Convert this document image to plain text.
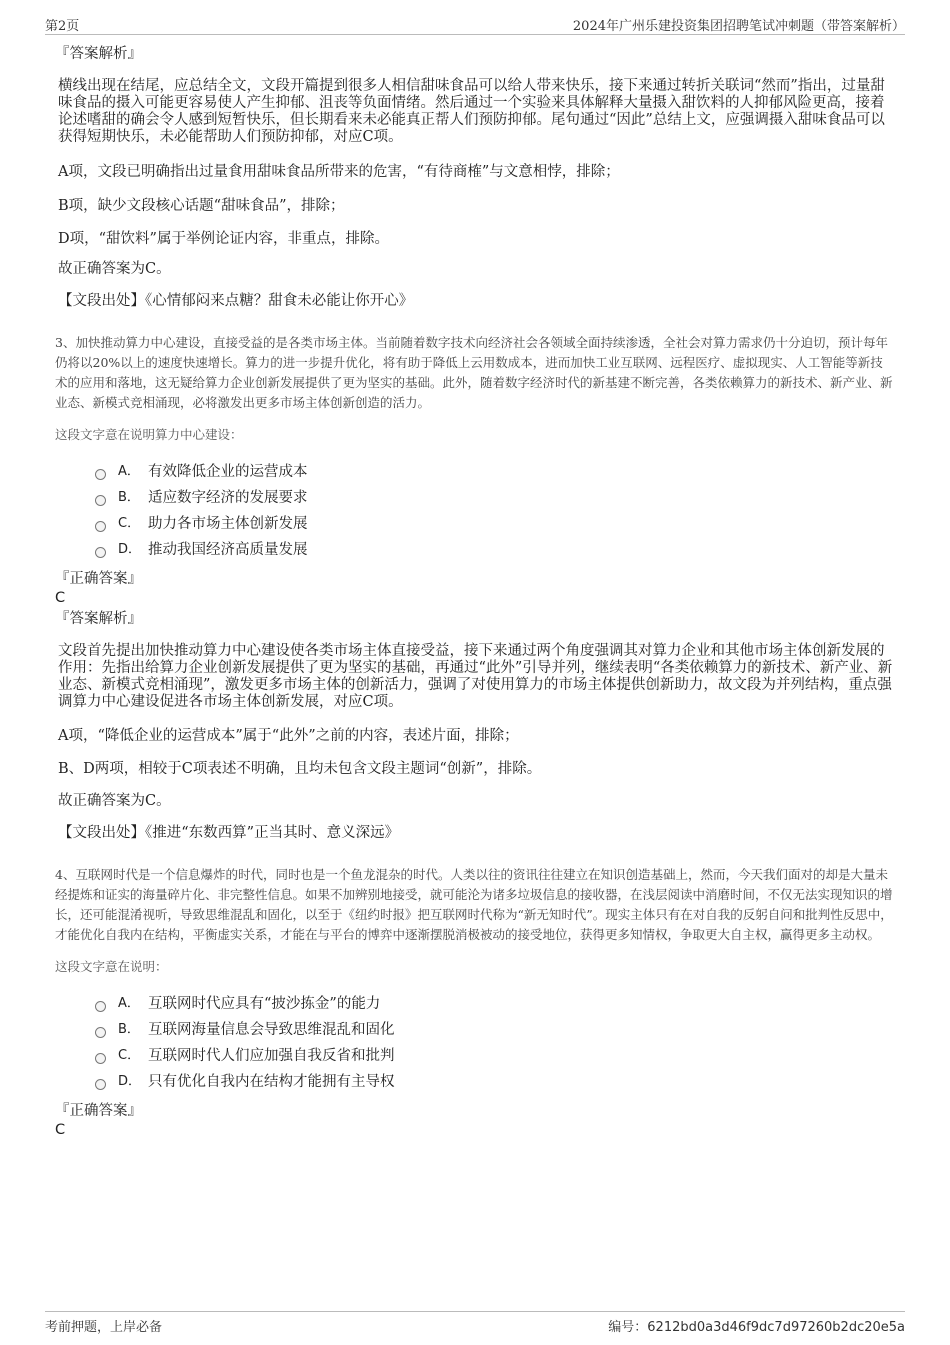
第2页	2024年广州乐建投资集团招聘笔试冲刺题（带答案解析）
『答案解析』
横线出现在结尾，应总结全文，文段开篇提到很多人相信甜味食品可以给人带来快乐，接下来通过转折关联词“然而”指出，过量甜味食品的摄入可能更容易使人产生抑郁、沮丧等负面情绪。然后通过一个实验来具体解释大量摄入甜饮料的人抑郁风险更高，接着论述嗜甜的确会令人感到短暂快乐，但长期看来未必能真正帮人们预防抑郁。尾句通过“因此”总结上文，应强调摄入甜味食品可以获得短期快乐，未必能帮助人们预防抑郁，对应C项。
A项，文段已明确指出过量食用甜味食品所带来的危害，“有待商榷”与文意相悖，排除；
B项，缺少文段核心话题“甜味食品”，排除；
D项，“甜饮料”属于举例论证内容，非重点，排除。
故正确答案为C。
【文段出处】《心情郁闷来点糖？甜食未必能让你开心》
3、加快推动算力中心建设，直接受益的是各类市场主体。当前随着数字技术向经济社会各领域全面持续渗透，全社会对算力需求仍十分迫切，预计每年仍将以20%以上的速度快速增长。算力的进一步提升优化，将有助于降低上云用数成本，进而加快工业互联网、远程医疗、虚拟现实、人工智能等新技术的应用和落地，这无疑给算力企业创新发展提供了更为坚实的基础。此外，随着数字经济时代的新基建不断完善，各类依赖算力的新技术、新产业、新业态、新模式竞相涌现，必将激发出更多市场主体创新创造的活力。
这段文字意在说明算力中心建设：
A． 有效降低企业的运营成本
B． 适应数字经济的发展要求
C． 助力各市场主体创新发展
D． 推动我国经济高质量发展
『正确答案』
C
『答案解析』
文段首先提出加快推动算力中心建设使各类市场主体直接受益，接下来通过两个角度强调其对算力企业和其他市场主体创新发展的作用：先指出给算力企业创新发展提供了更为坚实的基础，再通过“此外”引导并列，继续表明“各类依赖算力的新技术、新产业、新业态、新模式竞相涌现”，激发更多市场主体的创新活力，强调了对使用算力的市场主体提供创新助力，故文段为并列结构，重点强调算力中心建设促进各市场主体创新发展，对应C项。
A项，“降低企业的运营成本”属于“此外”之前的内容，表述片面，排除；
B、D两项，相较于C项表述不明确，且均未包含文段主题词“创新”，排除。
故正确答案为C。
【文段出处】《推进“东数西算”正当其时、意义深远》
4、互联网时代是一个信息爆炸的时代，同时也是一个鱼龙混杂的时代。人类以往的资讯往往建立在知识创造基础上，然而，今天我们面对的却是大量未经提炼和证实的海量碎片化、非完整性信息。如果不加辨别地接受，就可能沦为诸多垃圾信息的接收器，在浅层阅读中消磨时间，不仅无法实现知识的增长，还可能混淆视听，导致思维混乱和固化，以至于《纽约时报》把互联网时代称为“新无知时代”。现实主体只有在对自我的反躬自问和批判性反思中，才能优化自我内在结构，平衡虚实关系，才能在与平台的博弈中逐渐摆脱消极被动的接受地位，获得更多知情权，争取更大自主权，赢得更多主动权。
这段文字意在说明：
A． 互联网时代应具有“披沙拣金”的能力
B． 互联网海量信息会导致思维混乱和固化
C． 互联网时代人们应加强自我反省和批判
D． 只有优化自我内在结构才能拥有主导权
『正确答案』
C
考前押题，上岸必备	编号：6212bd0a3d46f9dc7d97260b2dc20e5a
